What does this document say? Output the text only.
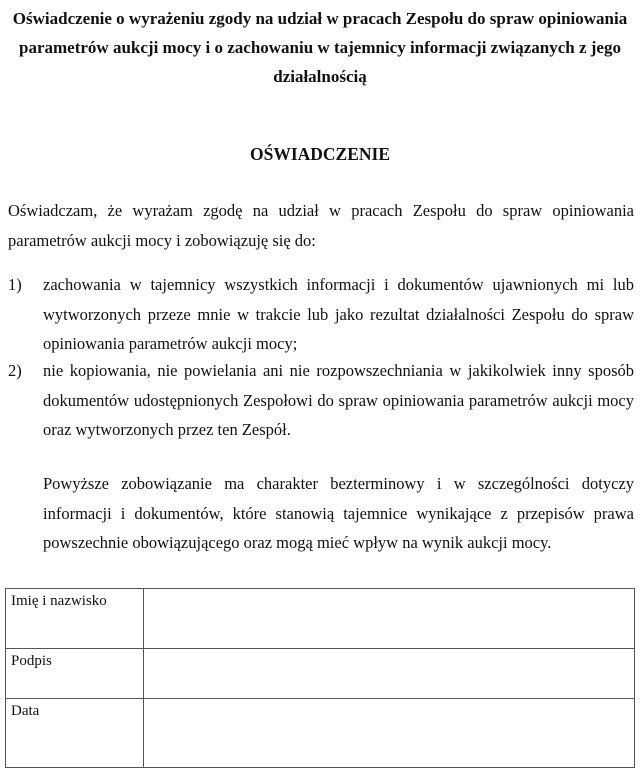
Oświadczenie o wyrażeniu zgody na udział w pracach Zespołu do spraw opiniowania parametrów aukcji mocy i o zachowaniu w tajemnicy informacji związanych z jego działalnością
OŚWIADCZENIE
Oświadczam, że wyrażam zgodę na udział w pracach Zespołu do spraw opiniowania parametrów aukcji mocy i zobowiązuję się do:
1) zachowania w tajemnicy wszystkich informacji i dokumentów ujawnionych mi lub wytworzonych przeze mnie w trakcie lub jako rezultat działalności Zespołu do spraw opiniowania parametrów aukcji mocy;
2) nie kopiowania, nie powielania ani nie rozpowszechniania w jakikolwiek inny sposób dokumentów udostępnionych Zespołowi do spraw opiniowania parametrów aukcji mocy oraz wytworzonych przez ten Zespół.
Powyższe zobowiązanie ma charakter bezterminowy i w szczególności dotyczy informacji i dokumentów, które stanowią tajemnice wynikające z przepisów prawa powszechnie obowiązującego oraz mogą mieć wpływ na wynik aukcji mocy.
Imię i nazwisko	
Podpis	
Data	
